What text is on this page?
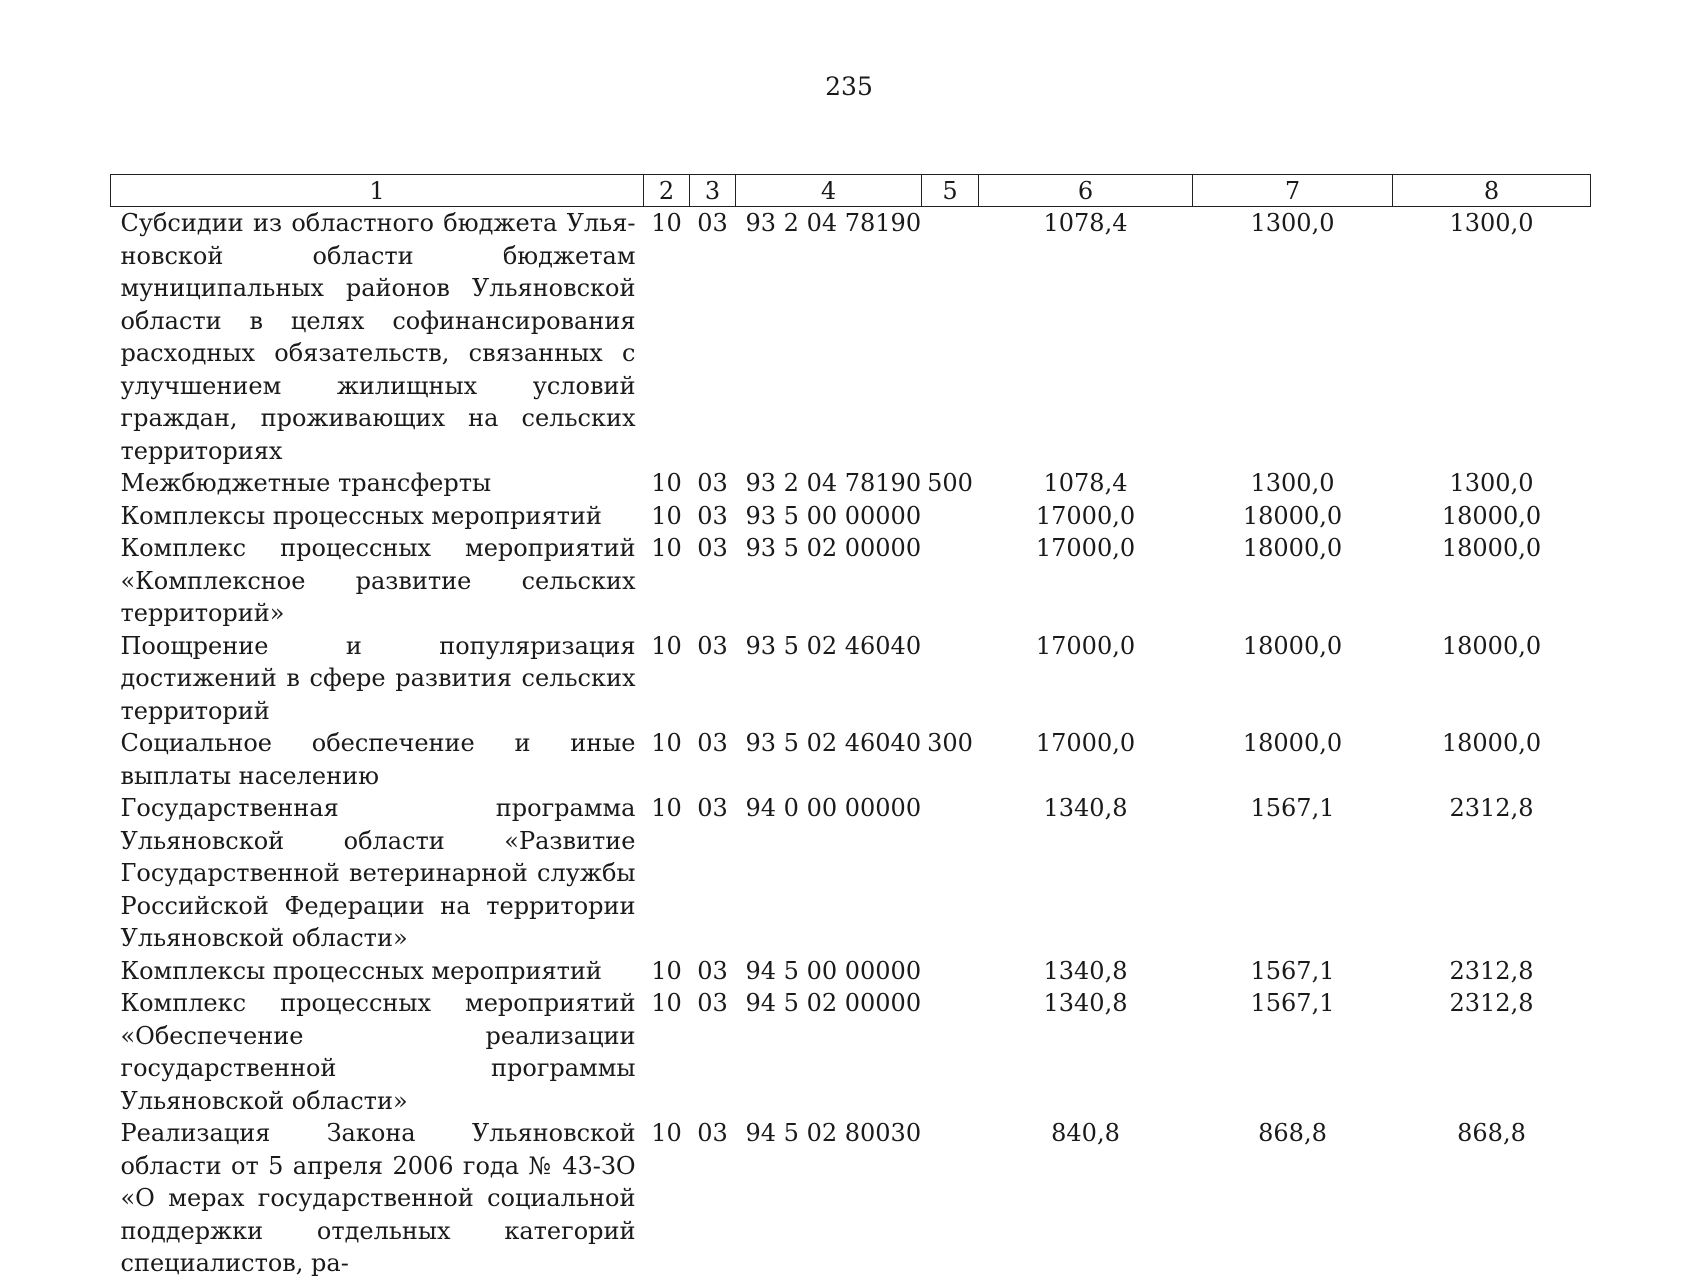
235
1	2	3	4	5	6	7	8
Субсидии из областного бюджета Ульяновской области бюджетам муниципальных районов Ульяновской области в целях софинансирования расходных обязательств, связанных с улучшением жилищных условий граждан, проживающих на сельских территориях	10	03	93 2 04 78190		1078,4	1300,0	1300,0
Межбюджетные трансферты	10	03	93 2 04 78190	500	1078,4	1300,0	1300,0
Комплексы процессных мероприятий	10	03	93 5 00 00000		17000,0	18000,0	18000,0
Комплекс процессных мероприятий «Комплексное развитие сельских территорий»	10	03	93 5 02 00000		17000,0	18000,0	18000,0
Поощрение и популяризация достижений в сфере развития сельских территорий	10	03	93 5 02 46040		17000,0	18000,0	18000,0
Социальное обеспечение и иные выплаты населению	10	03	93 5 02 46040	300	17000,0	18000,0	18000,0
Государственная программа Ульяновской области «Развитие Государственной ветеринарной службы Российской Федерации на территории Ульяновской области»	10	03	94 0 00 00000		1340,8	1567,1	2312,8
Комплексы процессных мероприятий	10	03	94 5 00 00000		1340,8	1567,1	2312,8
Комплекс процессных мероприятий «Обеспечение реализации государственной программы Ульяновской области»	10	03	94 5 02 00000		1340,8	1567,1	2312,8
Реализация Закона Ульяновской области от 5 апреля 2006 года № 43-ЗО «О мерах государственной социальной поддержки отдельных категорий специалистов, ра-	10	03	94 5 02 80030		840,8	868,8	868,8
